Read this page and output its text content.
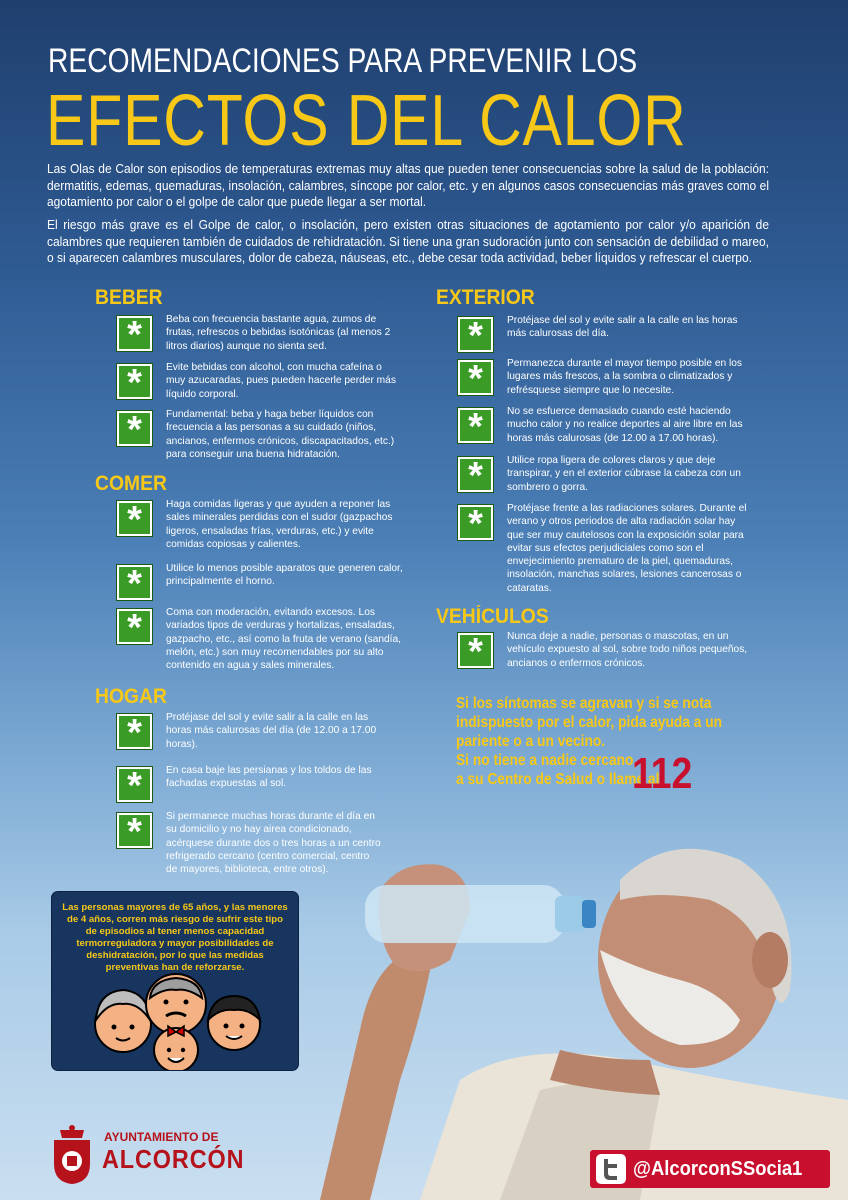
RECOMENDACIONES PARA PREVENIR LOS
EFECTOS DEL CALOR
Las Olas de Calor son episodios de temperaturas extremas muy altas que pueden tener consecuencias sobre la salud de la población: dermatitis, edemas, quemaduras, insolación, calambres, síncope por calor, etc. y en algunos casos consecuencias más graves como el agotamiento por calor o el golpe de calor que puede llegar a ser mortal.
El riesgo más grave es el Golpe de calor, o insolación, pero existen otras situaciones de agotamiento por calor y/o aparición de calambres que requieren también de cuidados de rehidratación. Si tiene una gran sudoración junto con sensación de debilidad o mareo, o si aparecen calambres musculares, dolor de cabeza, náuseas, etc., debe cesar toda actividad, beber líquidos y refrescar el cuerpo.
BEBER
*	Beba con frecuencia bastante agua, zumos de frutas, refrescos o bebidas isotónicas (al menos 2 litros diarios) aunque no sienta sed.
*	Evite bebidas con alcohol, con mucha cafeína o muy azucaradas, pues pueden hacerle perder más líquido corporal.
*	Fundamental: beba y haga beber líquidos con frecuencia a las personas a su cuidado (niños, ancianos, enfermos crónicos, discapacitados, etc.) para conseguir una buena hidratación.
COMER
*	Haga comidas ligeras y que ayuden a reponer las sales minerales perdidas con el sudor (gazpachos ligeros, ensaladas frías, verduras, etc.) y evite comidas copiosas y calientes.
*	Utilice lo menos posible aparatos que generen calor, principalmente el horno.
*	Coma con moderación, evitando excesos. Los variados tipos de verduras y hortalizas, ensaladas, gazpacho, etc., así como la fruta de verano (sandía, melón, etc.) son muy recomendables por su alto contenido en agua y sales minerales.
HOGAR
*	Protéjase del sol y evite salir a la calle en las horas más calurosas del día (de 12.00 a 17.00 horas).
*	En casa baje las persianas y los toldos de las fachadas expuestas al sol.
*	Si permanece muchas horas durante el día en su domicilio y no hay airea condicionado, acérquese durante dos o tres horas a un centro refrigerado cercano (centro comercial, centro de mayores, biblioteca, entre otros).
EXTERIOR
*	Protéjase del sol y evite salir a la calle en las horas más calurosas del día.
*	Permanezca durante el mayor tiempo posible en los lugares más frescos, a la sombra o climatizados y refrésquese siempre que lo necesite.
*	No se esfuerce demasiado cuando esté haciendo mucho calor y no realice deportes al aire libre en las horas más calurosas (de 12.00 a 17.00 horas).
*	Utilice ropa ligera de colores claros y que deje transpirar, y en el exterior cúbrase la cabeza con un sombrero o gorra.
*	Protéjase frente a las radiaciones solares. Durante el verano y otros periodos de alta radiación solar hay que ser muy cautelosos con la exposición solar para evitar sus efectos perjudiciales como son el envejecimiento prematuro de la piel, quemaduras, insolación, manchas solares, lesiones cancerosas o cataratas.
VEHÍCULOS
*	Nunca deje a nadie, personas o mascotas, en un vehículo expuesto al sol, sobre todo niños pequeños, ancianos o enfermos crónicos.
Si los síntomas se agravan y si se nota
indispuesto por el calor, pida ayuda a un
pariente o a un vecino.
Si no tiene a nadie cercano,
a su Centro de Salud o llame al
112
Las personas mayores de 65 años, y las menores de 4 años, corren más riesgo de sufrir este tipo de episodios al tener menos capacidad termorreguladora y mayor posibilidades de deshidratación, por lo que las medidas preventivas han de reforzarse.
AYUNTAMIENTO DE
ALCORCÓN	@AlcorconSSocia1
